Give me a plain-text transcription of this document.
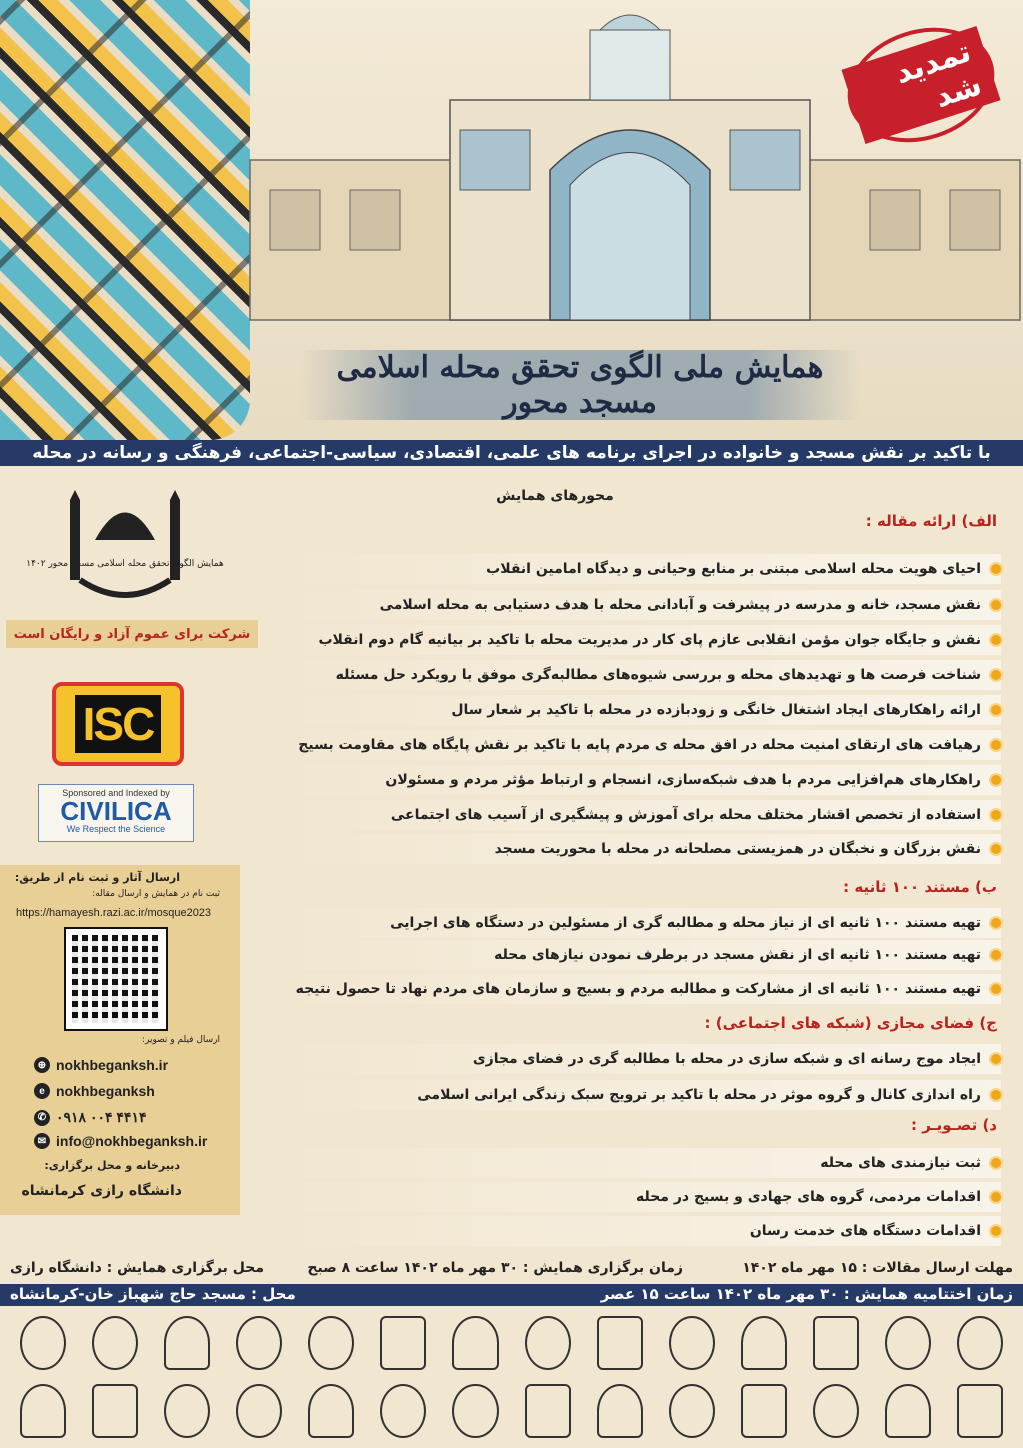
تمدید شد
همایش ملی الگوی تحقق محله اسلامی مسجد محور
با تاکید بر نقش مسجد و خانواده در اجرای برنامه های علمی، اقتصادی، سیاسی-اجتماعی، فرهنگی و رسانه در محله
همایش الگوی تحقق محله اسلامی مسجد محور ۱۴۰۲
شرکت برای عموم آزاد و رایگان است
ISC
Sponsored and Indexed by
CIVILICA
We Respect the Science
ارسال آثار و ثبت نام از طریق:
ثبت نام در همایش و ارسال مقاله:
https://hamayesh.razi.ac.ir/mosque2023
ارسال فیلم و تصویر:
⊕ nokhbeganksh.ir
e nokhbeganksh
✆ ۰۹۱۸ ۰۰۴ ۴۴۱۴
✉ info@nokhbeganksh.ir
دبیرخانه و محل برگزاری:
دانشگاه رازی کرمانشاه
محورهای همایش
الف) ارائه مقاله :
احیای هویت محله اسلامی مبتنی بر منابع وحیانی و دیدگاه امامین انقلاب
نقش مسجد، خانه و مدرسه در پیشرفت و آبادانی محله با هدف دستیابی به محله اسلامی
نقش و جایگاه جوان مؤمن انقلابی عازم پای کار در مدیریت محله با تاکید بر بیانیه گام دوم انقلاب
شناخت فرصت ها و تهدیدهای محله و بررسی شیوه‌های مطالبه‌گری موفق با رویکرد حل مسئله
ارائه راهکارهای ایجاد اشتغال خانگی و زودبازده در محله با تاکید بر شعار سال
رهیافت های ارتقای امنیت محله در افق محله ی مردم پایه با تاکید بر نقش پایگاه های مقاومت بسیج
راهکارهای هم‌افزایی مردم با هدف شبکه‌سازی، انسجام و ارتباط مؤثر مردم و مسئولان
استفاده از تخصص اقشار مختلف محله برای آموزش و پیشگیری از آسیب های اجتماعی
نقش بزرگان و نخبگان در همزیستی مصلحانه در محله با محوریت مسجد
ب) مستند ۱۰۰ ثانیه :
تهیه مستند ۱۰۰ ثانیه ای از نیاز محله و مطالبه گری از مسئولین در دستگاه های اجرایی
تهیه مستند ۱۰۰ ثانیه ای از نقش مسجد در برطرف نمودن نیازهای محله
تهیه مستند ۱۰۰ ثانیه ای از مشارکت و مطالبه مردم و بسیج و سازمان های مردم نهاد تا حصول نتیجه
ج) فضای مجازی (شبکه های اجتماعی) :
ایجاد موج رسانه ای و شبکه سازی در محله با مطالبه گری در فضای مجازی
راه اندازی کانال و گروه موثر در محله با تاکید بر ترویج سبک زندگی ایرانی اسلامی
د) تصـویـر :
ثبت نیازمندی های محله
اقدامات مردمی، گروه های جهادی و بسیج در محله
اقدامات دستگاه های خدمت رسان
مهلت ارسال مقالات : ۱۵ مهر ماه ۱۴۰۲
زمان برگزاری همایش : ۳۰ مهر ماه ۱۴۰۲ ساعت ۸ صبح
محل برگزاری همایش : دانشگاه رازی
زمان اختتامیه همایش : ۳۰ مهر ماه ۱۴۰۲ ساعت ۱۵ عصر
محل : مسجد حاج شهباز خان-کرمانشاه
